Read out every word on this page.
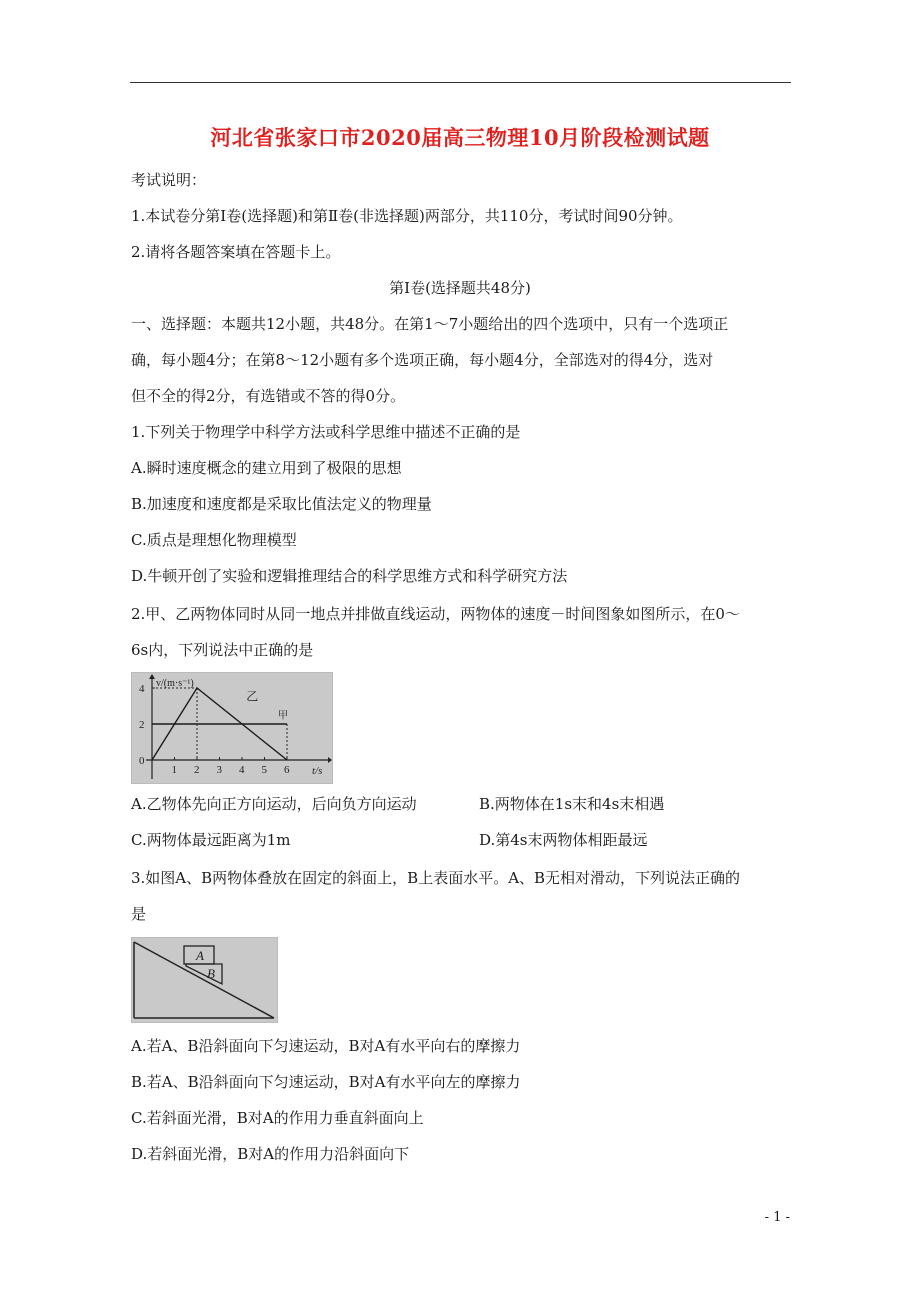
河北省张家口市2020届高三物理10月阶段检测试题
考试说明：
1.本试卷分第Ⅰ卷(选择题)和第Ⅱ卷(非选择题)两部分，共110分，考试时间90分钟。
2.请将各题答案填在答题卡上。
第Ⅰ卷(选择题共48分)
一、选择题：本题共12小题，共48分。在第1～7小题给出的四个选项中，只有一个选项正
确，每小题4分；在第8～12小题有多个选项正确，每小题4分，全部选对的得4分，选对
但不全的得2分，有选错或不答的得0分。
1.下列关于物理学中科学方法或科学思维中描述不正确的是
A.瞬时速度概念的建立用到了极限的思想
B.加速度和速度都是采取比值法定义的物理量
C.质点是理想化物理模型
D.牛顿开创了实验和逻辑推理结合的科学思维方式和科学研究方法
2.甲、乙两物体同时从同一地点并排做直线运动，两物体的速度－时间图象如图所示，在0～
6s内，下列说法中正确的是
1 2 3 4 5 6
2
4
0
t/s
v/(m·s⁻¹)
乙
甲
A.乙物体先向正方向运动，后向负方向运动	B.两物体在1s末和4s末相遇
C.两物体最远距离为1m	D.第4s末两物体相距最远
3.如图A、B两物体叠放在固定的斜面上，B上表面水平。A、B无相对滑动，下列说法正确的
是
A
B
A.若A、B沿斜面向下匀速运动，B对A有水平向右的摩擦力
B.若A、B沿斜面向下匀速运动，B对A有水平向左的摩擦力
C.若斜面光滑，B对A的作用力垂直斜面向上
D.若斜面光滑，B对A的作用力沿斜面向下
- 1 -
